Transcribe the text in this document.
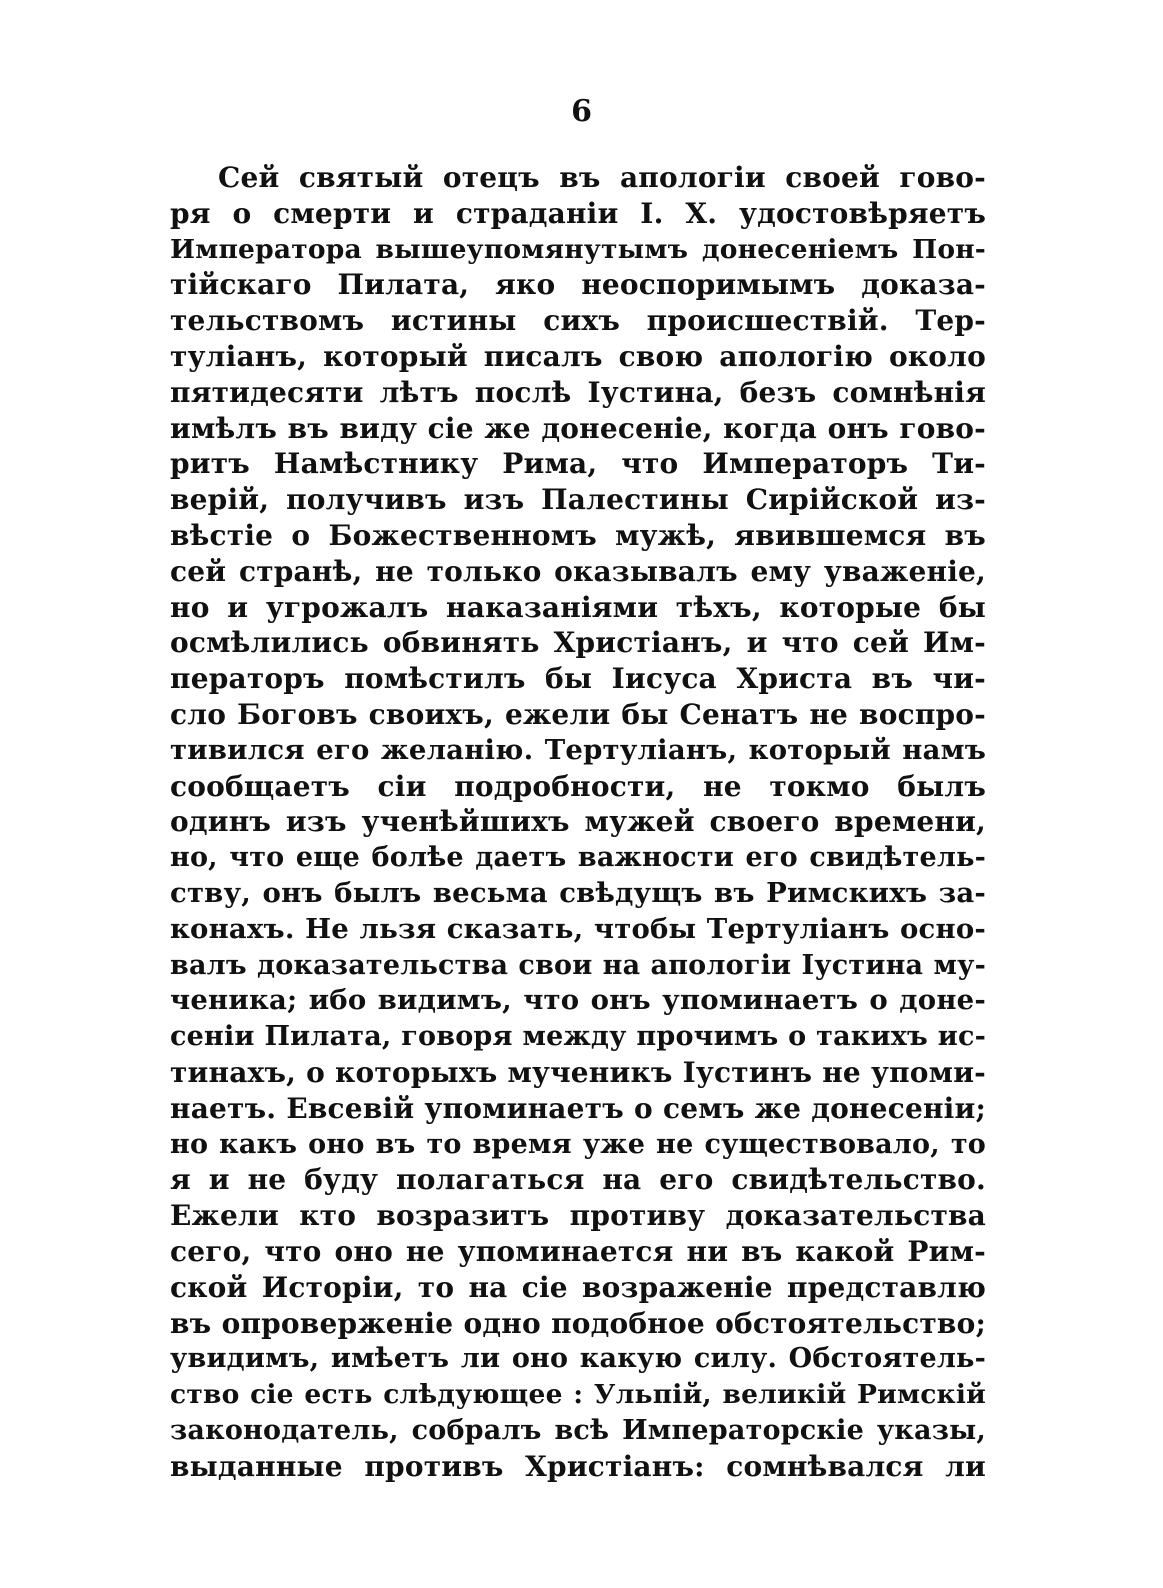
6
Сей святый отецъ въ апологіи своей гово-
ря о смерти и страданіи І. Х. удостовѣряетъ
Императора вышеупомянутымъ донесеніемъ Пон-
тійскаго Пилата, яко неоспоримымъ доказа-
тельствомъ истины сихъ происшествій. Тер-
туліанъ, который писалъ свою апологію около
пятидесяти лѣтъ послѣ Іустина, безъ сомнѣнія
имѣлъ въ виду сіе же донесеніе, когда онъ гово-
ритъ Намѣстнику Рима, что Императоръ Ти-
верій, получивъ изъ Палестины Сирійской из-
вѣстіе о Божественномъ мужѣ, явившемся въ
сей странѣ, не только оказывалъ ему уваженіе,
но и угрожалъ наказаніями тѣхъ, которые бы
осмѣлились обвинять Христіанъ, и что сей Им-
ператоръ помѣстилъ бы Іисуса Христа въ чи-
сло Боговъ своихъ, ежели бы Сенатъ не воспро-
тивился его желанію. Тертуліанъ, который намъ
сообщаетъ сіи подробности, не токмо былъ
одинъ изъ ученѣйшихъ мужей своего времени,
но, что еще болѣе даетъ важности его свидѣтель-
ству, онъ былъ весьма свѣдущъ въ Римскихъ за-
конахъ. Не льзя сказать, чтобы Тертуліанъ осно-
валъ доказательства свои на апологіи Іустина му-
ченика; ибо видимъ, что онъ упоминаетъ о доне-
сеніи Пилата, говоря между прочимъ о такихъ ис-
тинахъ, о которыхъ мученикъ Іустинъ не упоми-
наетъ. Евсевій упоминаетъ о семъ же донесеніи;
но какъ оно въ то время уже не существовало, то
я и не буду полагаться на его свидѣтельство.
Ежели кто возразитъ противу доказательства
сего, что оно не упоминается ни въ какой Рим-
ской Исторіи, то на сіе возраженіе представлю
въ опроверженіе одно подобное обстоятельство;
увидимъ, имѣетъ ли оно какую силу. Обстоятель-
ство сіе есть слѣдующее : Ульпій, великій Римскій
законодатель, собралъ всѣ Императорскіе указы,
выданные противъ Христіанъ: сомнѣвался ли
